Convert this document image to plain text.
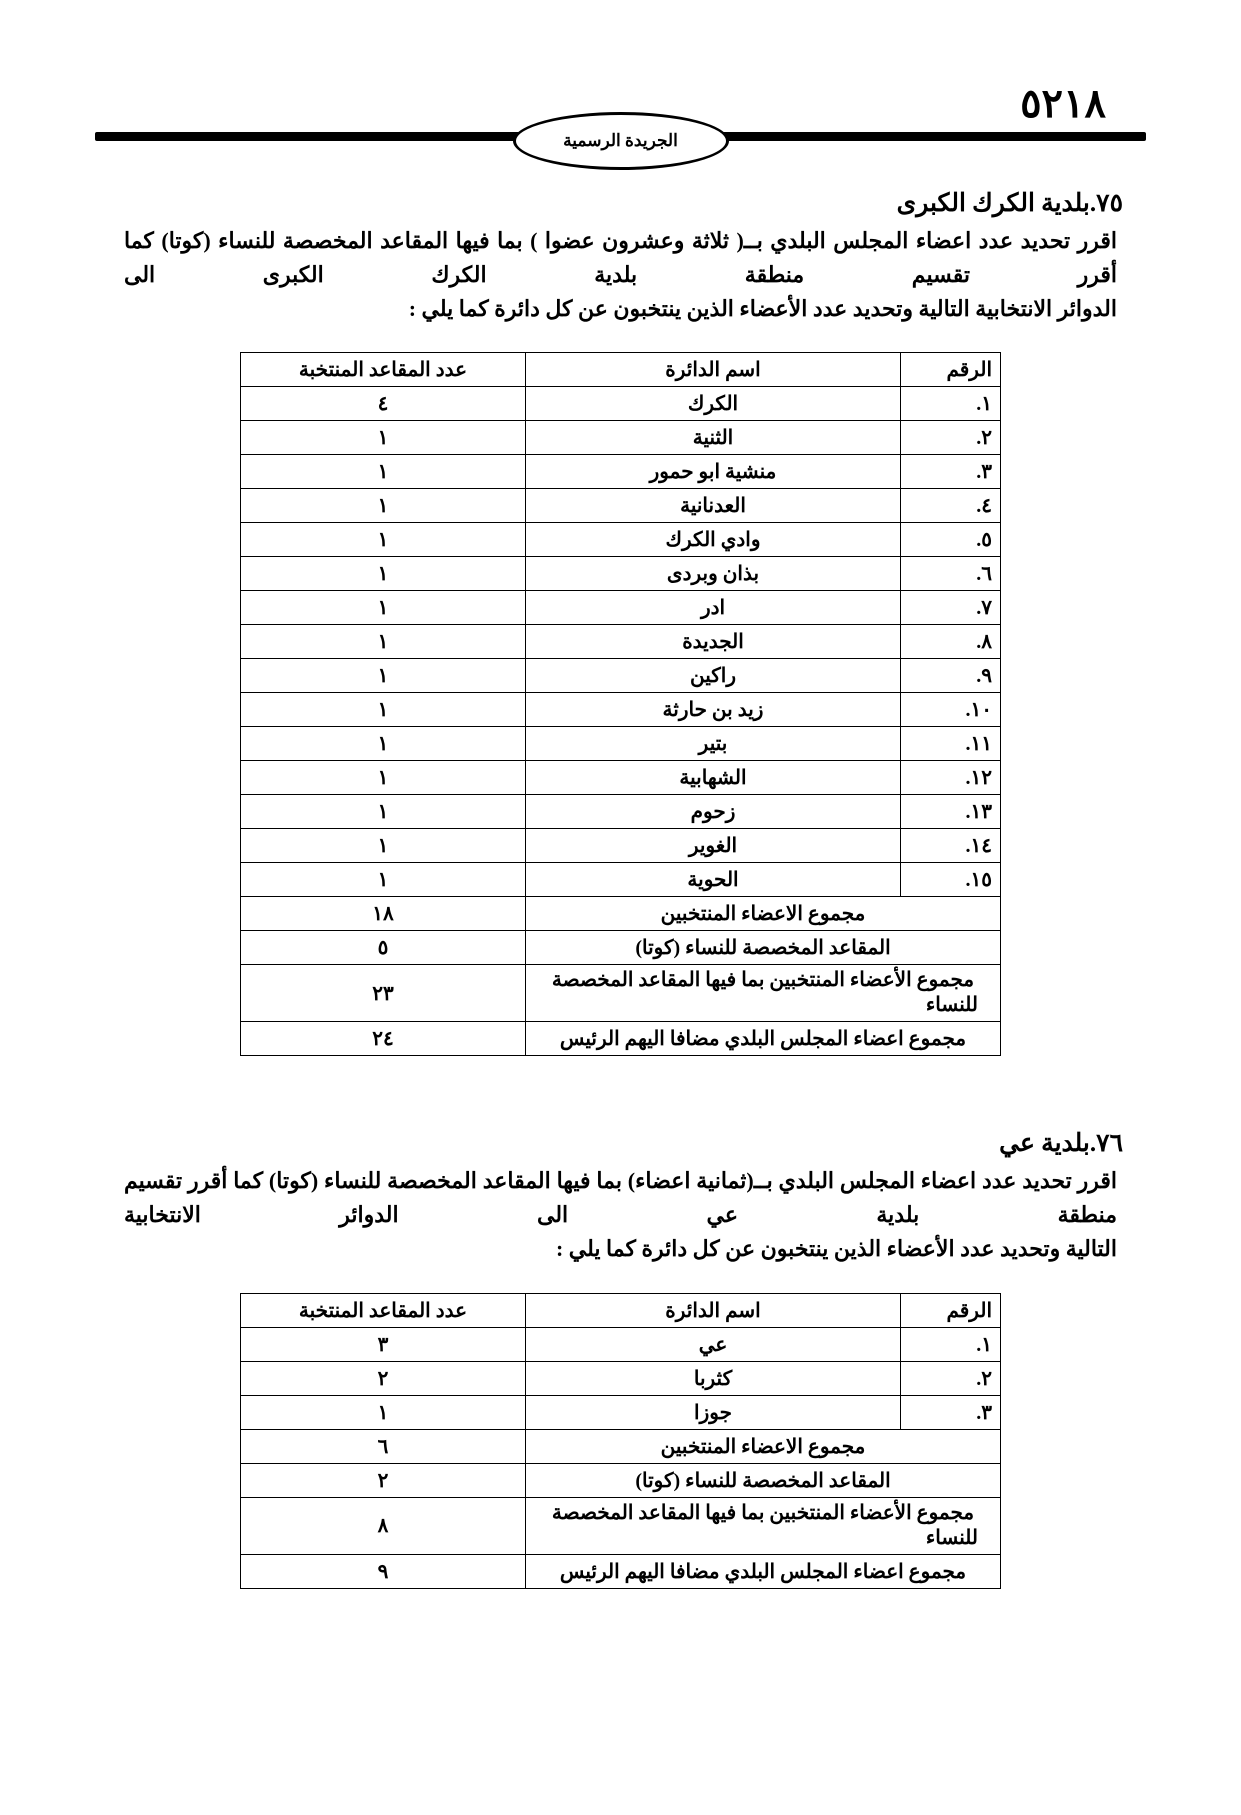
٥٢١٨
الجريدة الرسمية
٧٥.بلدية الكرك الكبرى
اقرر تحديد عدد اعضاء المجلس البلدي بــ( ثلاثة وعشرون عضوا ) بما فيها المقاعد المخصصة للنساء (كوتا) كما أقرر تقسيم منطقة بلدية الكرك الكبرى الى
الدوائر الانتخابية التالية وتحديد عدد الأعضاء الذين ينتخبون عن كل دائرة كما يلي :
الرقم	اسم الدائرة	عدد المقاعد المنتخبة
١.	الكرك	٤
٢.	الثنية	١
٣.	منشية ابو حمور	١
٤.	العدنانية	١
٥.	وادي الكرك	١
٦.	بذان وبردى	١
٧.	ادر	١
٨.	الجديدة	١
٩.	راكين	١
١٠.	زيد بن حارثة	١
١١.	بتير	١
١٢.	الشهابية	١
١٣.	زحوم	١
١٤.	الغوير	١
١٥.	الحوية	١
مجموع الاعضاء المنتخبين		١٨
المقاعد المخصصة للنساء (كوتا)		٥
مجموع الأعضاء المنتخبين بما فيها المقاعد المخصصة
للنساء		٢٣
مجموع اعضاء المجلس البلدي مضافا اليهم الرئيس		٢٤
٧٦.بلدية عي
اقرر تحديد عدد اعضاء المجلس البلدي بــ(ثمانية اعضاء) بما فيها المقاعد المخصصة للنساء (كوتا) كما أقرر تقسيم منطقة بلدية عي الى الدوائر الانتخابية
التالية وتحديد عدد الأعضاء الذين ينتخبون عن كل دائرة كما يلي :
الرقم	اسم الدائرة	عدد المقاعد المنتخبة
١.	عي	٣
٢.	كثربا	٢
٣.	جوزا	١
مجموع الاعضاء المنتخبين		٦
المقاعد المخصصة للنساء (كوتا)		٢
مجموع الأعضاء المنتخبين بما فيها المقاعد المخصصة
للنساء		٨
مجموع اعضاء المجلس البلدي مضافا اليهم الرئيس		٩
